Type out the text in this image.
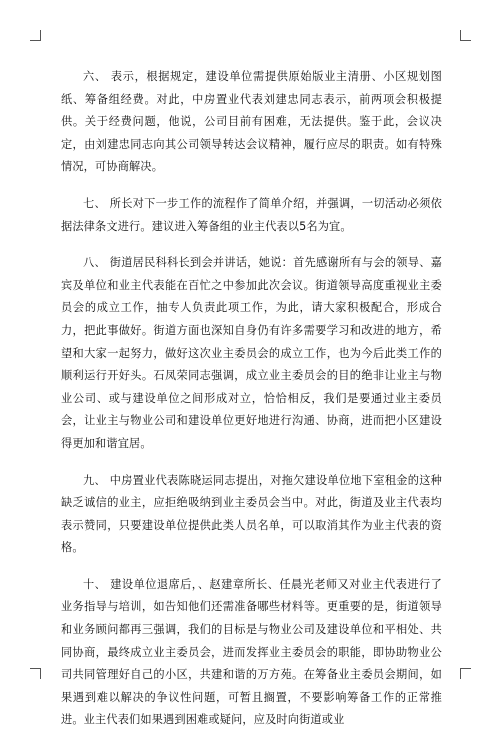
六、 表示，根据规定，建设单位需提供原始版业主清册、小区规划图纸、筹备组经费。对此，中房置业代表刘建忠同志表示，前两项会积极提供。关于经费问题，他说，公司目前有困难，无法提供。鉴于此，会议决定，由刘建忠同志向其公司领导转达会议精神，履行应尽的职责。如有特殊情况，可协商解决。

七、 所长对下一步工作的流程作了简单介绍，并强调，一切活动必须依据法律条文进行。建议进入筹备组的业主代表以5名为宜。

八、 街道居民科科长到会并讲话，她说：首先感谢所有与会的领导、嘉宾及单位和业主代表能在百忙之中参加此次会议。街道领导高度重视业主委员会的成立工作，抽专人负责此项工作，为此，请大家积极配合，形成合力，把此事做好。街道方面也深知自身仍有许多需要学习和改进的地方，希望和大家一起努力，做好这次业主委员会的成立工作，也为今后此类工作的顺利运行开好头。石凤荣同志强调，成立业主委员会的目的绝非让业主与物业公司、或与建设单位之间形成对立，恰恰相反，我们是要通过业主委员会，让业主与物业公司和建设单位更好地进行沟通、协商，进而把小区建设得更加和谐宜居。

九、 中房置业代表陈晓运同志提出，对拖欠建设单位地下室租金的这种缺乏诚信的业主，应拒绝吸纳到业主委员会当中。对此，街道及业主代表均表示赞同，只要建设单位提供此类人员名单，可以取消其作为业主代表的资格。

十、 建设单位退席后，、赵建章所长、任晨光老师又对业主代表进行了业务指导与培训，如告知他们还需准备哪些材料等。更重要的是，街道领导和业务顾问都再三强调，我们的目标是与物业公司及建设单位和平相处、共同协商，最终成立业主委员会，进而发挥业主委员会的职能，即协助物业公司共同管理好自己的小区，共建和谐的万方苑。在筹备业主委员会期间，如果遇到难以解决的争议性问题，可暂且搁置，不要影响筹备工作的正常推进。业主代表们如果遇到困难或疑问，应及时向街道或业
